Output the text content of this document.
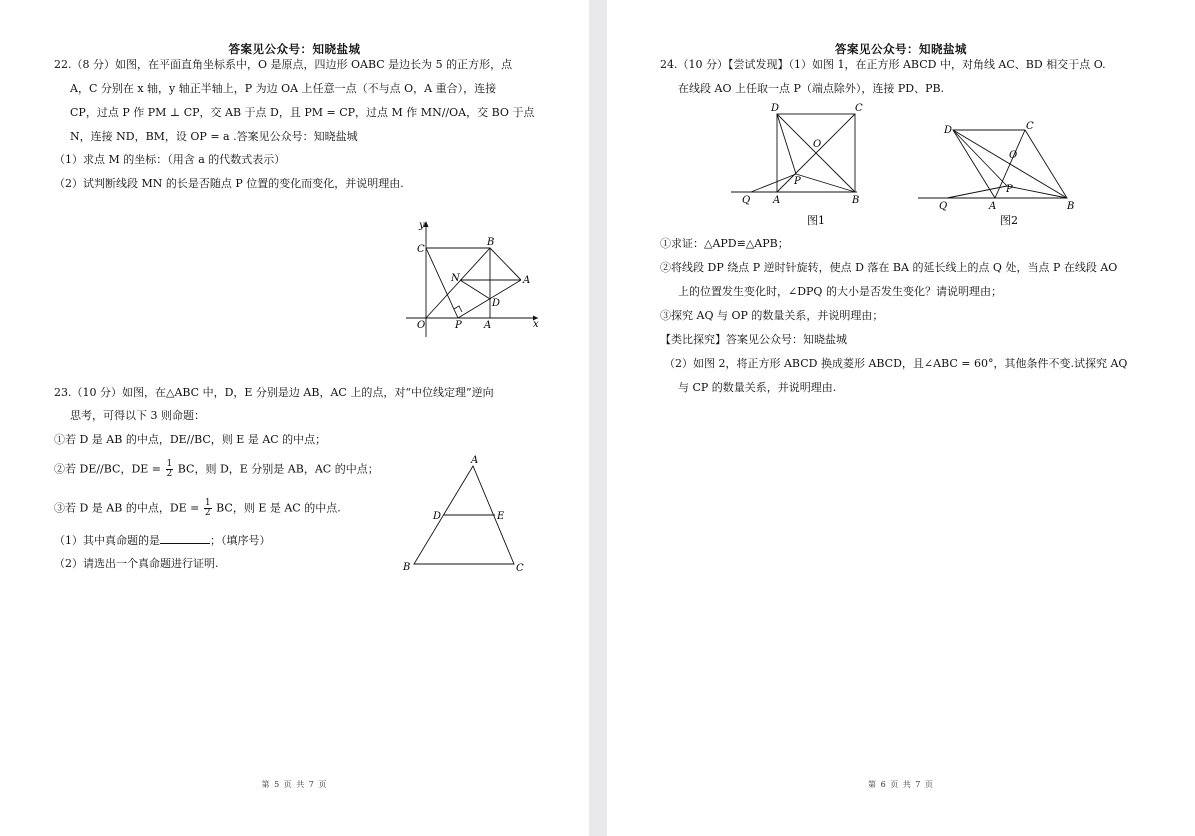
答案见公众号：知晓盐城
22.（8 分）如图，在平面直角坐标系中，O 是原点，四边形 OABC 是边长为 5 的正方形，点
A，C 分别在 x 轴，y 轴正半轴上，P 为边 OA 上任意一点（不与点 O，A 重合），连接
CP，过点 P 作 PM ⊥ CP，交 AB 于点 D，且 PM = CP，过点 M 作 MN//OA，交 BO 于点
N，连接 ND，BM，设 OP = a .答案见公众号：知晓盐城
（1）求点 M 的坐标：（用含 a 的代数式表示）
（2）试判断线段 MN 的长是否随点 P 位置的变化而变化，并说明理由.
y
x
C
B
N	A
D
O	P A
23.（10 分）如图，在△ABC 中，D，E 分别是边 AB，AC 上的点，对“中位线定理”逆向
思考，可得以下 3 则命题：
①若 D 是 AB 的中点，DE//BC，则 E 是 AC 的中点；
②若 DE//BC，DE = $\frac{1}{2}$ BC，则 D，E 分别是 AB，AC 的中点；
③若 D 是 AB 的中点，DE = $\frac{1}{2}$ BC，则 E 是 AC 的中点.
（1）其中真命题的是	；（填序号）
（2）请选出一个真命题进行证明.
A
D	E
B	C
第 5 页 共 7 页
答案见公众号：知晓盐城
24.（10 分）【尝试发现】（1）如图 1，在正方形 ABCD 中，对角线 AC、BD 相交于点 O.
在线段 AO 上任取一点 P（端点除外），连接 PD、PB.
D	C
O
P
Q A	B
图1
D	C
O
P
Q	A	B
图2
①求证：△APD≌△APB；
②将线段 DP 绕点 P 逆时针旋转，使点 D 落在 BA 的延长线上的点 Q 处，当点 P 在线段 AO
上的位置发生变化时，∠DPQ 的大小是否发生变化？请说明理由；
③探究 AQ 与 OP 的数量关系，并说明理由；
【类比探究】答案见公众号：知晓盐城
（2）如图 2，将正方形 ABCD 换成菱形 ABCD，且∠ABC = 60°，其他条件不变.试探究 AQ
与 CP 的数量关系，并说明理由.
第 6 页 共 7 页
